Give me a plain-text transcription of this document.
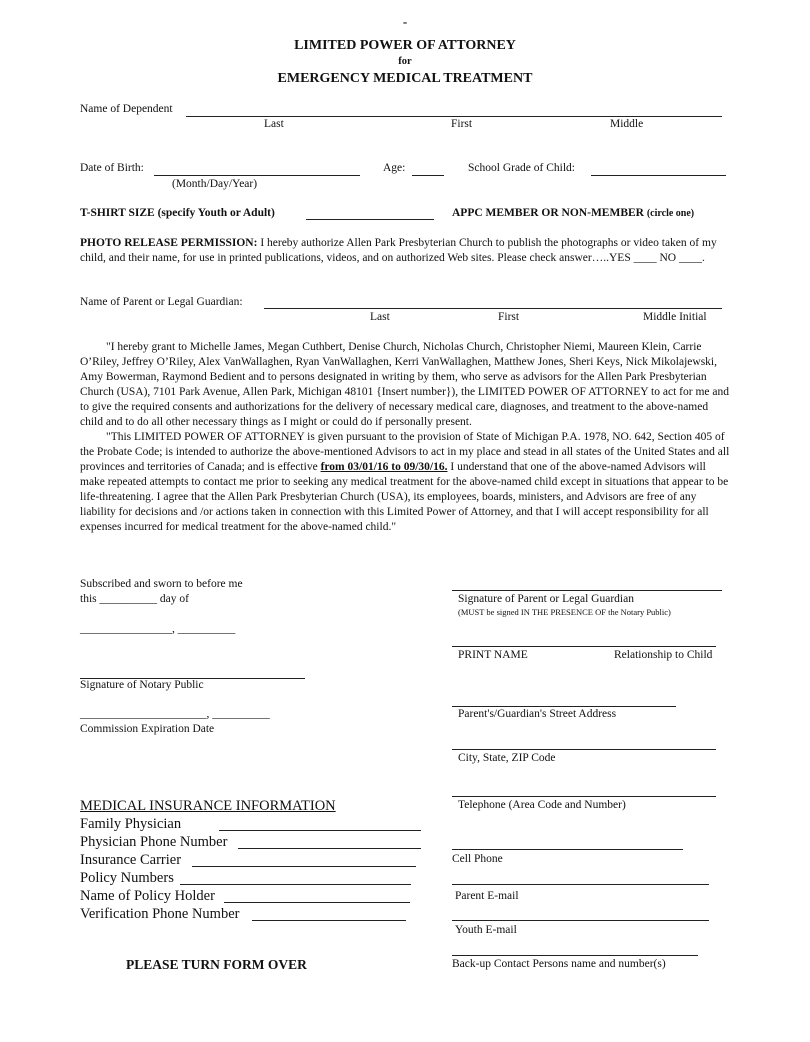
-
LIMITED POWER OF ATTORNEY
for
EMERGENCY MEDICAL TREATMENT
Name of Dependent
Last	First	Middle
Date of Birth:
(Month/Day/Year)
Age:	School Grade of Child:
T-SHIRT SIZE (specify Youth or Adult)	APPC MEMBER OR NON-MEMBER (circle one)
PHOTO RELEASE PERMISSION: I hereby authorize Allen Park Presbyterian Church to publish the photographs or video taken of my child, and their name, for use in printed publications, videos, and on authorized Web sites. Please check answer…..YES ____ NO ____.
Name of Parent or Legal Guardian:
Last	First	Middle Initial

"I hereby grant to Michelle James, Megan Cuthbert, Denise Church, Nicholas Church, Christopher Niemi, Maureen Klein, Carrie O’Riley, Jeffrey O’Riley, Alex VanWallaghen, Ryan VanWallaghen, Kerri VanWallaghen, Matthew Jones, Sheri Keys, Nick Mikolajewski, Amy Bowerman, Raymond Bedient and to persons designated in writing by them, who serve as advisors for the Allen Park Presbyterian Church (USA), 7101 Park Avenue, Allen Park, Michigan 48101 {Insert number}), the LIMITED POWER OF ATTORNEY to act for me and to give the required consents and authorizations for the delivery of necessary medical care, diagnoses, and treatment to the above-named child and to do all other necessary things as I might or could do if personally present.

"This LIMITED POWER OF ATTORNEY is given pursuant to the provision of State of Michigan P.A. 1978, NO. 642, Section 405 of the Probate Code; is intended to authorize the above-mentioned Advisors to act in my place and stead in all states of the United States and all provinces and territories of Canada; and is effective from 03/01/16 to 09/30/16. I understand that one of the above-named Advisors will make repeated attempts to contact me prior to seeking any medical treatment for the above-named child except in situations that appear to be life-threatening. I agree that the Allen Park Presbyterian Church (USA), its employees, boards, ministers, and Advisors are free of any liability for decisions and /or actions taken in connection with this Limited Power of Attorney, and that I will accept responsibility for all expenses incurred for medical treatment for the above-named child."

Subscribed and sworn to before me
this __________ day of
________________, __________
Signature of Notary Public
______________________, __________
Commission Expiration Date
Signature of Parent or Legal Guardian
(MUST be signed IN THE PRESENCE OF the Notary Public)
PRINT NAME	Relationship to Child
Parent's/Guardian's Street Address
City, State, ZIP Code
Telephone (Area Code and Number)
Cell Phone
Parent E-mail
Youth E-mail
Back-up Contact Persons name and number(s)
MEDICAL INSURANCE INFORMATION
Family Physician
Physician Phone Number
Insurance Carrier
Policy Numbers
Name of Policy Holder
Verification Phone Number
PLEASE TURN FORM OVER
